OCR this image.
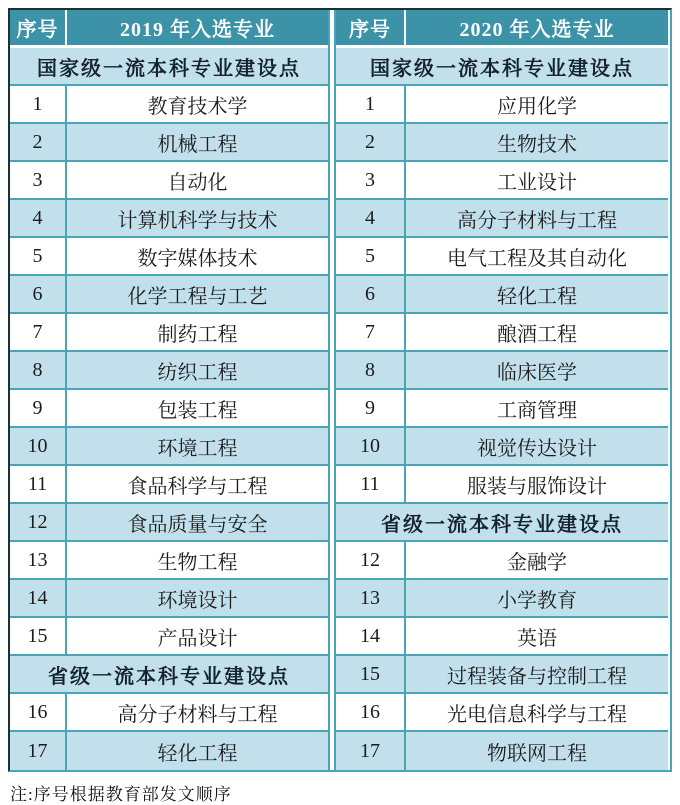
序号	2019 年入选专业
国家级一流本科专业建设点	
1	教育技术学
2	机械工程
3	自动化
4	计算机科学与技术
5	数字媒体技术
6	化学工程与工艺
7	制药工程
8	纺织工程
9	包装工程
10	环境工程
11	食品科学与工程
12	食品质量与安全
13	生物工程
14	环境设计
15	产品设计
省级一流本科专业建设点	
16	高分子材料与工程
17	轻化工程
序号	2020 年入选专业
国家级一流本科专业建设点	
1	应用化学
2	生物技术
3	工业设计
4	高分子材料与工程
5	电气工程及其自动化
6	轻化工程
7	酿酒工程
8	临床医学
9	工商管理
10	视觉传达设计
11	服装与服饰设计
省级一流本科专业建设点	
12	金融学
13	小学教育
14	英语
15	过程装备与控制工程
16	光电信息科学与工程
17	物联网工程
注:序号根据教育部发文顺序
